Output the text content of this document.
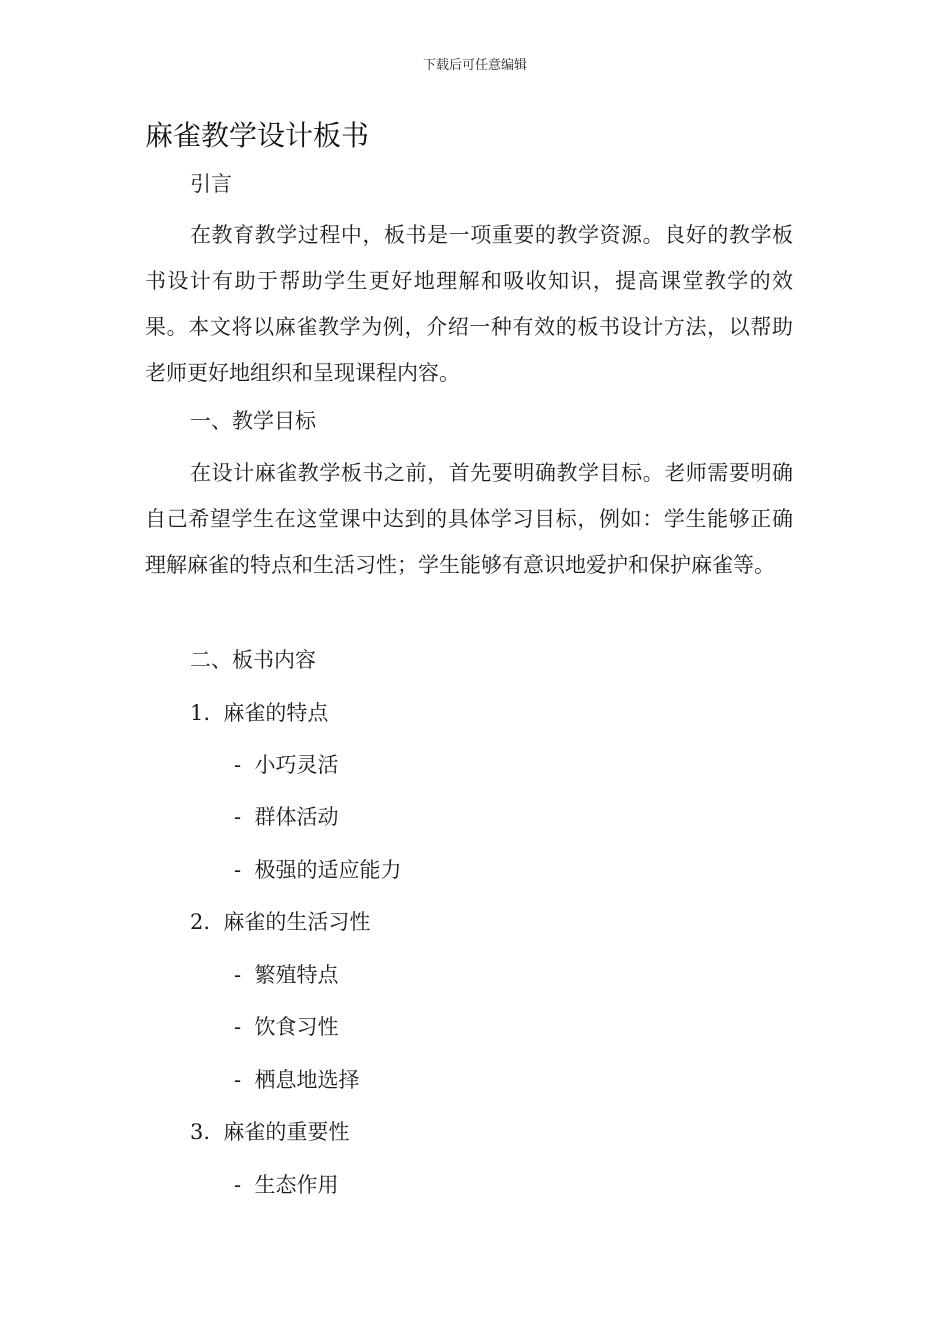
下载后可任意编辑
麻雀教学设计板书
引言

在教育教学过程中，板书是一项重要的教学资源。良好的教学板书设计有助于帮助学生更好地理解和吸收知识，提高课堂教学的效果。本文将以麻雀教学为例，介绍一种有效的板书设计方法，以帮助老师更好地组织和呈现课程内容。

一、教学目标

在设计麻雀教学板书之前，首先要明确教学目标。老师需要明确自己希望学生在这堂课中达到的具体学习目标，例如：学生能够正确理解麻雀的特点和生活习性；学生能够有意识地爱护和保护麻雀等。

二、板书内容
1.  麻雀的特点
-  小巧灵活
-  群体活动
-  极强的适应能力
2.  麻雀的生活习性
-  繁殖特点
-  饮食习性
-  栖息地选择
3.  麻雀的重要性
-  生态作用
